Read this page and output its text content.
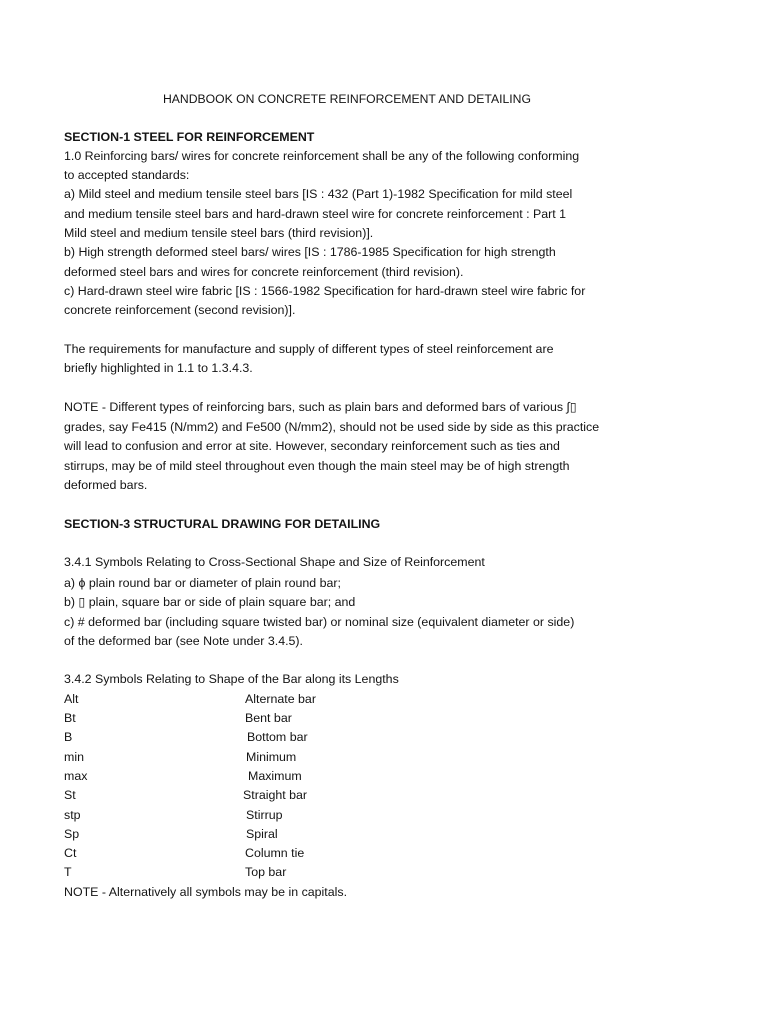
HANDBOOK ON CONCRETE REINFORCEMENT AND DETAILING
SECTION-1 STEEL FOR REINFORCEMENT
1.0 Reinforcing bars/ wires for concrete reinforcement shall be any of the following conforming
to accepted standards:
a) Mild steel and medium tensile steel bars [IS : 432 (Part 1)-1982 Specification for mild steel
and medium tensile steel bars and hard-drawn steel wire for concrete reinforcement : Part 1
Mild steel and medium tensile steel bars (third revision)].
b) High strength deformed steel bars/ wires [IS : 1786-1985 Specification for high strength
deformed steel bars and wires for concrete reinforcement (third revision).
c) Hard-drawn steel wire fabric [IS : 1566-1982 Specification for hard-drawn steel wire fabric for
concrete reinforcement (second revision)].
The requirements for manufacture and supply of different types of steel reinforcement are
briefly highlighted in 1.1 to 1.3.4.3.
NOTE - Different types of reinforcing bars, such as plain bars and deformed bars of various ∫▯
grades, say Fe415 (N/mm2) and Fe500 (N/mm2), should not be used side by side as this practice
will lead to confusion and error at site. However, secondary reinforcement such as ties and
stirrups, may be of mild steel throughout even though the main steel may be of high strength
deformed bars.
SECTION-3 STRUCTURAL DRAWING FOR DETAILING
3.4.1 Symbols Relating to Cross-Sectional Shape and Size of Reinforcement
a) ϕ plain round bar or diameter of plain round bar;
b) ▯ plain, square bar or side of plain square bar; and
c) # deformed bar (including square twisted bar) or nominal size (equivalent diameter or side)
of the deformed bar (see Note under 3.4.5).
3.4.2 Symbols Relating to Shape of the Bar along its Lengths
Alt	Alternate bar
Bt	Bent bar
B	Bottom bar
min	Minimum
max	Maximum
St	Straight bar
stp	Stirrup
Sp	Spiral
Ct	Column tie
T	Top bar
NOTE - Alternatively all symbols may be in capitals.
